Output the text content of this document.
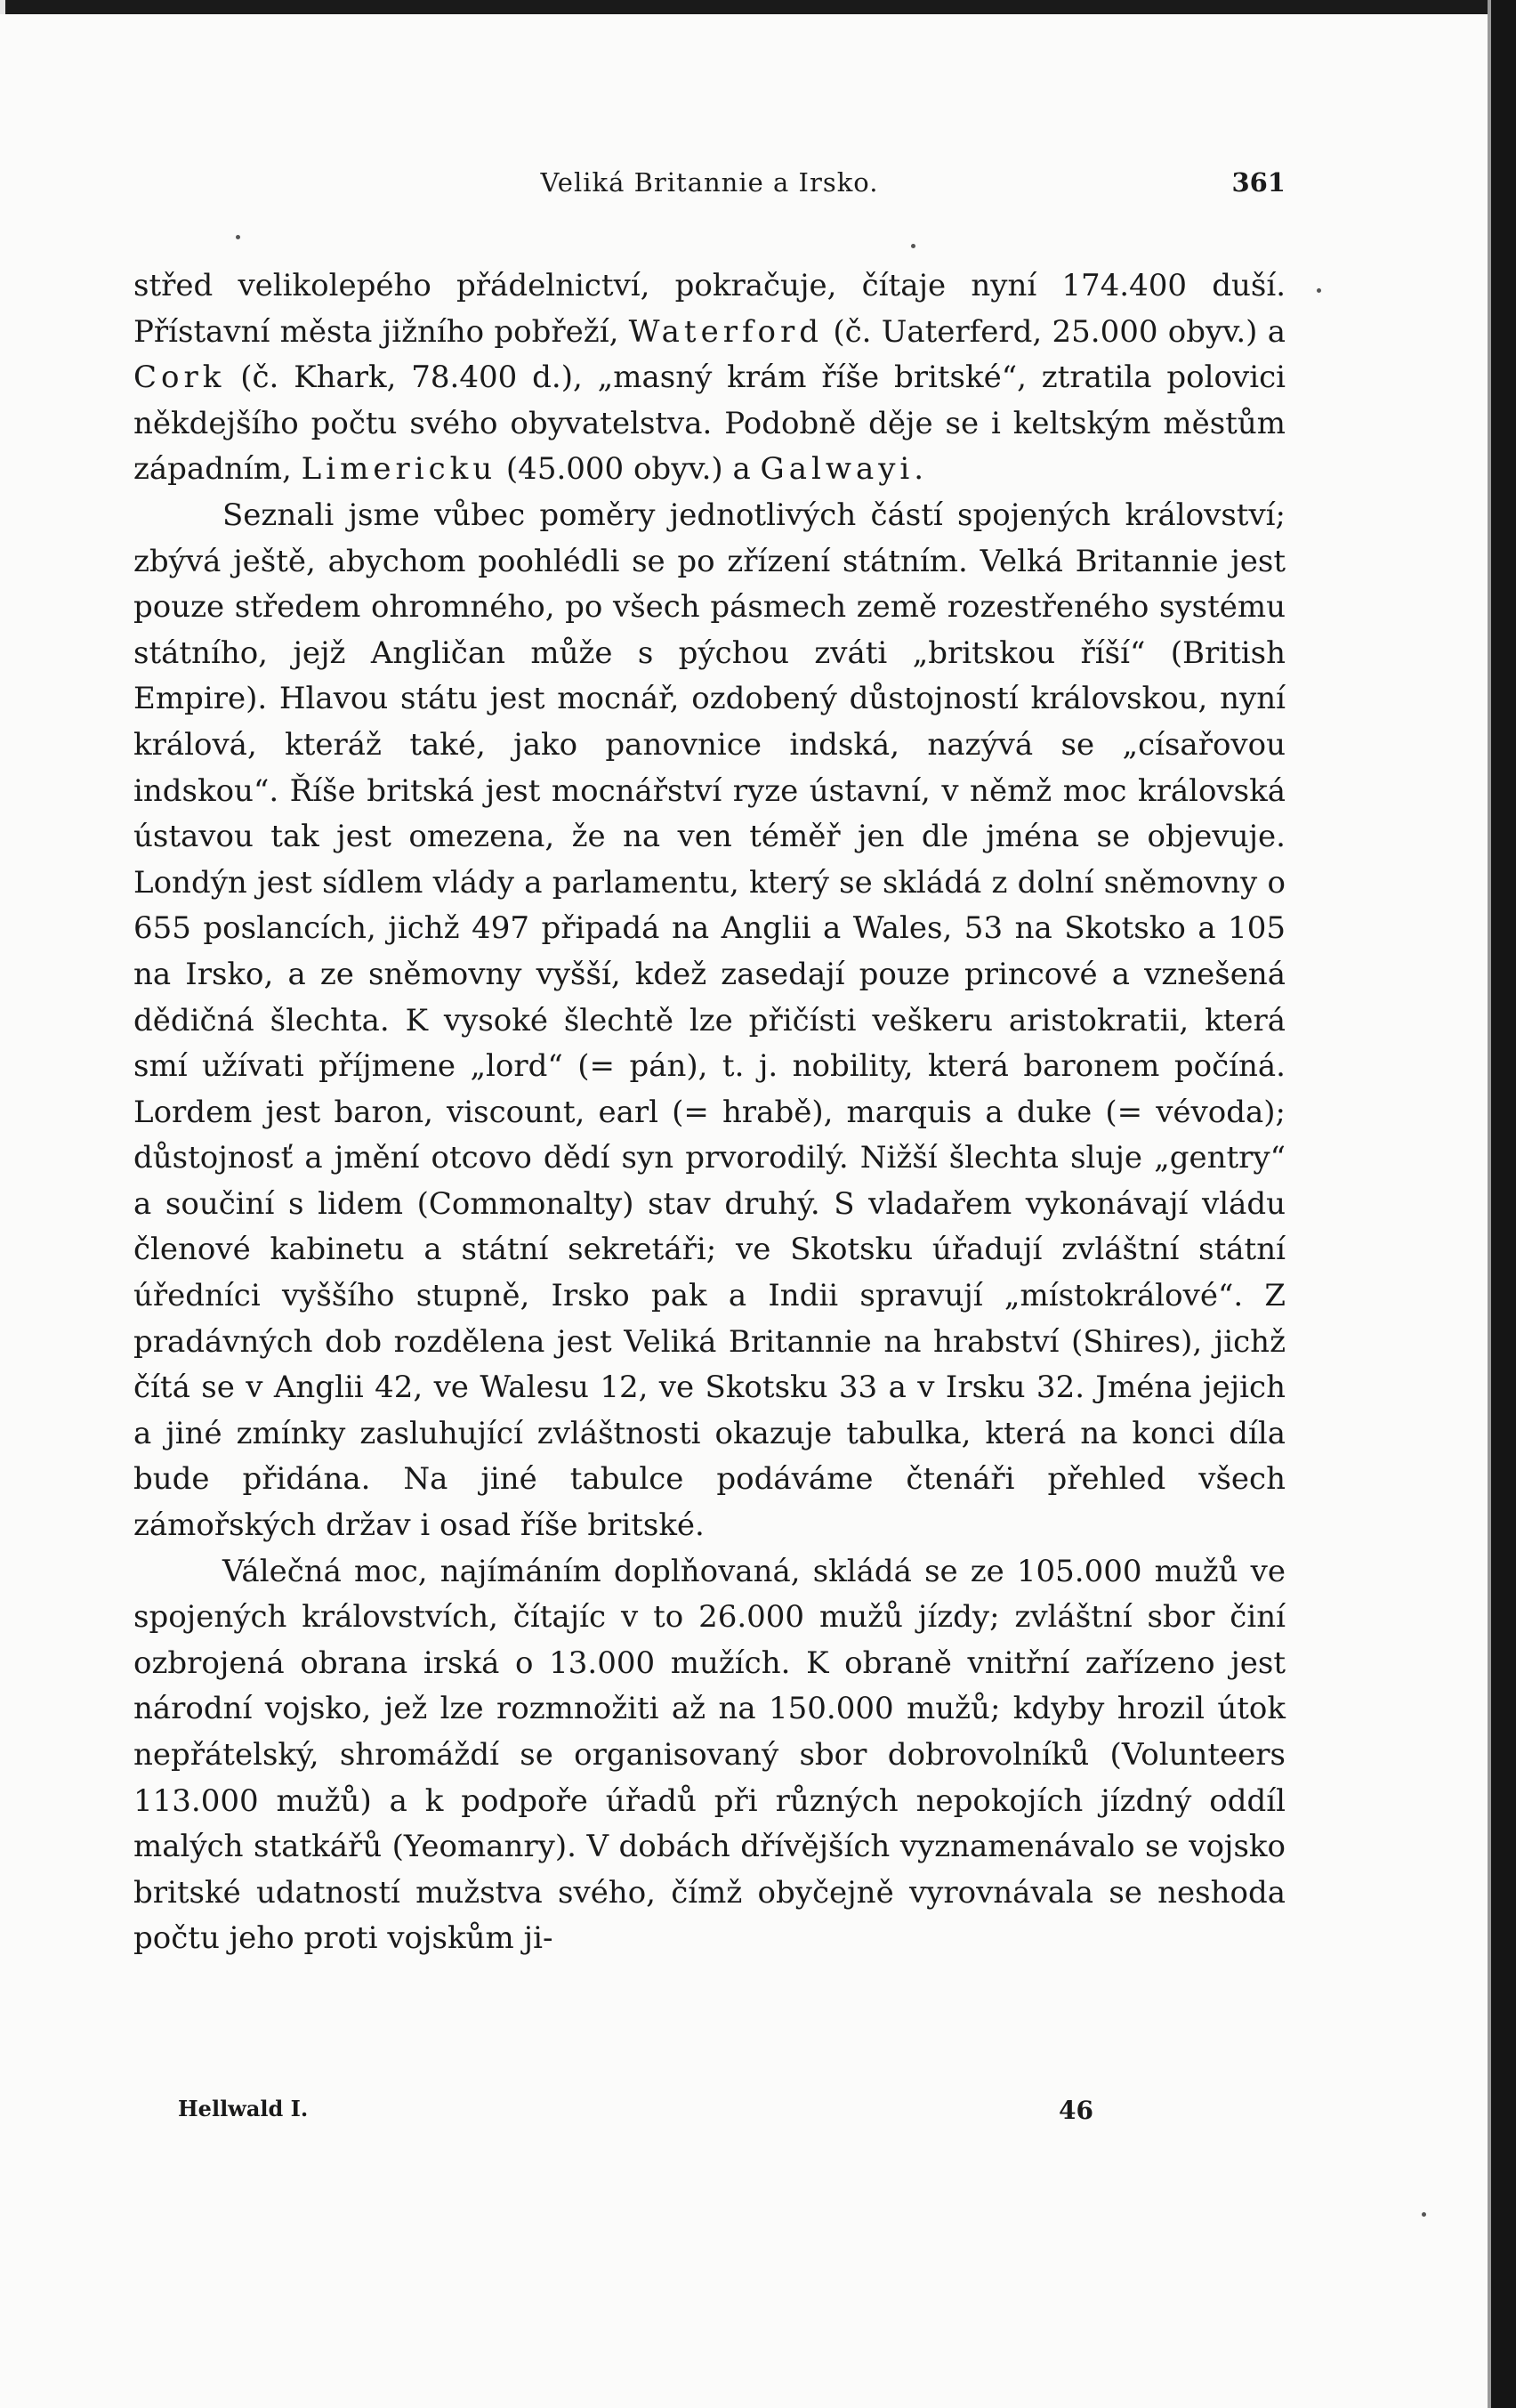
Veliká Britannie a Irsko.	361

střed velikolepého přádelnictví, pokračuje, čítaje nyní 174.400 duší. Přístavní města jižního pobřeží, Waterford (č. Uaterferd, 25.000 obyv.) a Cork (č. Khark, 78.400 d.), „masný krám říše britské“, ztratila polovici někdejšího počtu svého obyvatelstva. Podobně děje se i keltským městům západním, Limericku (45.000 obyv.) a Galwayi.

Seznali jsme vůbec poměry jednotlivých částí spojených království; zbývá ještě, abychom poohlédli se po zřízení státním. Velká Britannie jest pouze středem ohromného, po všech pásmech země rozestřeného systému státního, jejž Angličan může s pýchou zváti „britskou říší“ (British Empire). Hlavou státu jest mocnář, ozdobený důstojností královskou, nyní králová, kteráž také, jako panovnice indská, nazývá se „císařovou indskou“. Říše britská jest mocnářství ryze ústavní, v němž moc královská ústavou tak jest omezena, že na ven téměř jen dle jména se objevuje. Londýn jest sídlem vlády a parlamentu, který se skládá z dolní sněmovny o 655 poslancích, jichž 497 připadá na Anglii a Wales, 53 na Skotsko a 105 na Irsko, a ze sněmovny vyšší, kdež zasedají pouze princové a vznešená dědičná šlechta. K vysoké šlechtě lze přičísti veškeru aristokratii, která smí užívati příjmene „lord“ (= pán), t. j. nobility, která baronem počíná. Lordem jest baron, viscount, earl (= hrabě), marquis a duke (= vévoda); důstojnosť a jmění otcovo dědí syn prvorodilý. Nižší šlechta sluje „gentry“ a součiní s lidem (Commonalty) stav druhý. S vladařem vykonávají vládu členové kabinetu a státní sekretáři; ve Skotsku úřadují zvláštní státní úředníci vyššího stupně, Irsko pak a Indii spravují „místokrálové“. Z pradávných dob rozdělena jest Veliká Britannie na hrabství (Shires), jichž čítá se v Anglii 42, ve Walesu 12, ve Skotsku 33 a v Irsku 32. Jména jejich a jiné zmínky zasluhující zvláštnosti okazuje tabulka, která na konci díla bude přidána. Na jiné tabulce podáváme čtenáři přehled všech zámořských držav i osad říše britské.

Válečná moc, najímáním doplňovaná, skládá se ze 105.000 mužů ve spojených královstvích, čítajíc v to 26.000 mužů jízdy; zvláštní sbor činí ozbrojená obrana irská o 13.000 mužích. K obraně vnitřní zařízeno jest národní vojsko, jež lze rozmnožiti až na 150.000 mužů; kdyby hrozil útok nepřátelský, shromáždí se organisovaný sbor dobrovolníků (Volunteers 113.000 mužů) a k podpoře úřadů při různých nepokojích jízdný oddíl malých statkářů (Yeomanry). V dobách dřívějších vyznamenávalo se vojsko britské udatností mužstva svého, čímž obyčejně vyrovnávala se neshoda počtu jeho proti vojskům ji-

Hellwald I.	46
